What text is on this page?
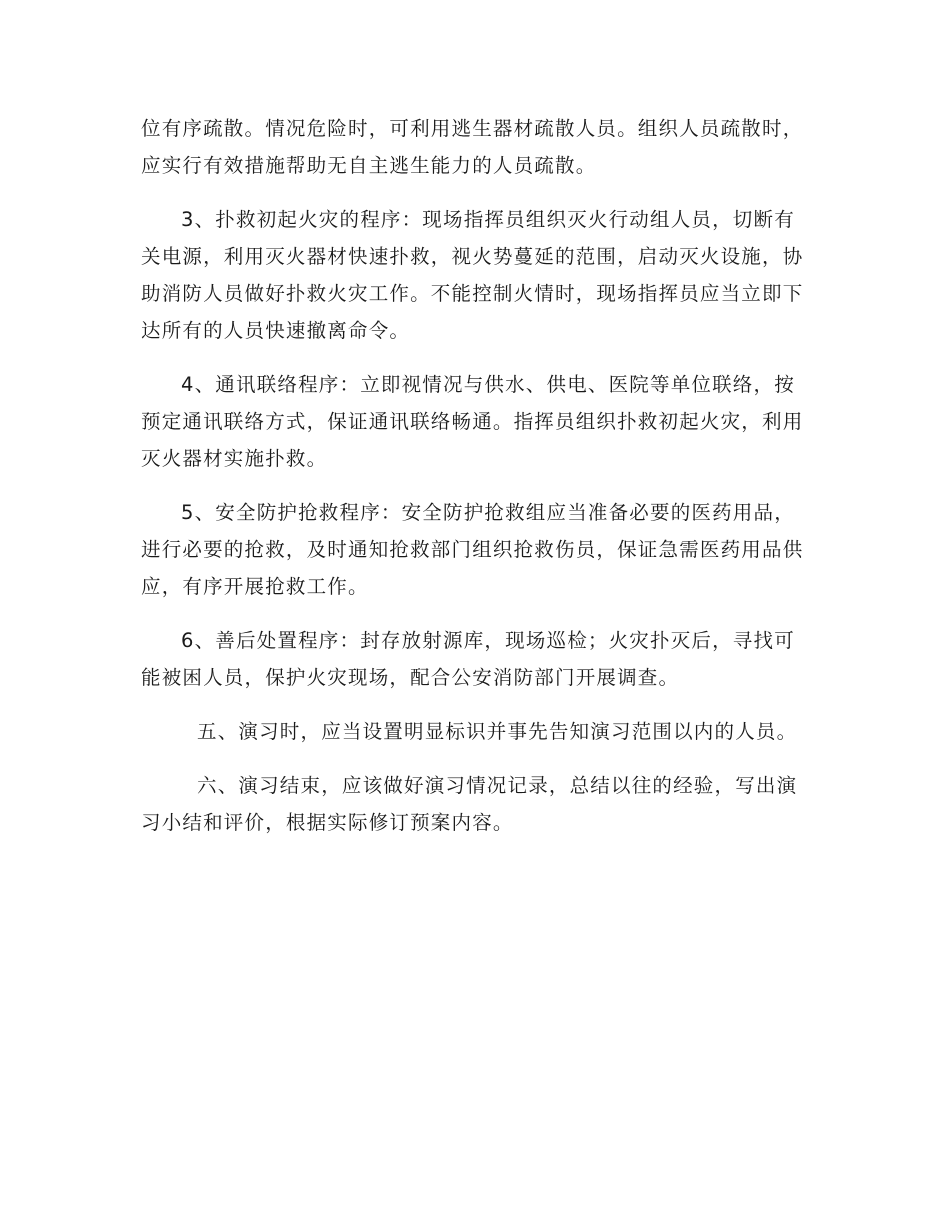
位有序疏散。情况危险时，可利用逃生器材疏散人员。组织人员疏散时，应实行有效措施帮助无自主逃生能力的人员疏散。

3、扑救初起火灾的程序：现场指挥员组织灭火行动组人员，切断有关电源，利用灭火器材快速扑救，视火势蔓延的范围，启动灭火设施，协助消防人员做好扑救火灾工作。不能控制火情时，现场指挥员应当立即下达所有的人员快速撤离命令。

4、通讯联络程序：立即视情况与供水、供电、医院等单位联络，按预定通讯联络方式，保证通讯联络畅通。指挥员组织扑救初起火灾，利用灭火器材实施扑救。

5、安全防护抢救程序：安全防护抢救组应当准备必要的医药用品，进行必要的抢救，及时通知抢救部门组织抢救伤员，保证急需医药用品供应，有序开展抢救工作。

6、善后处置程序：封存放射源库，现场巡检；火灾扑灭后，寻找可能被困人员，保护火灾现场，配合公安消防部门开展调查。

五、演习时，应当设置明显标识并事先告知演习范围以内的人员。

六、演习结束，应该做好演习情况记录，总结以往的经验，写出演习小结和评价，根据实际修订预案内容。
